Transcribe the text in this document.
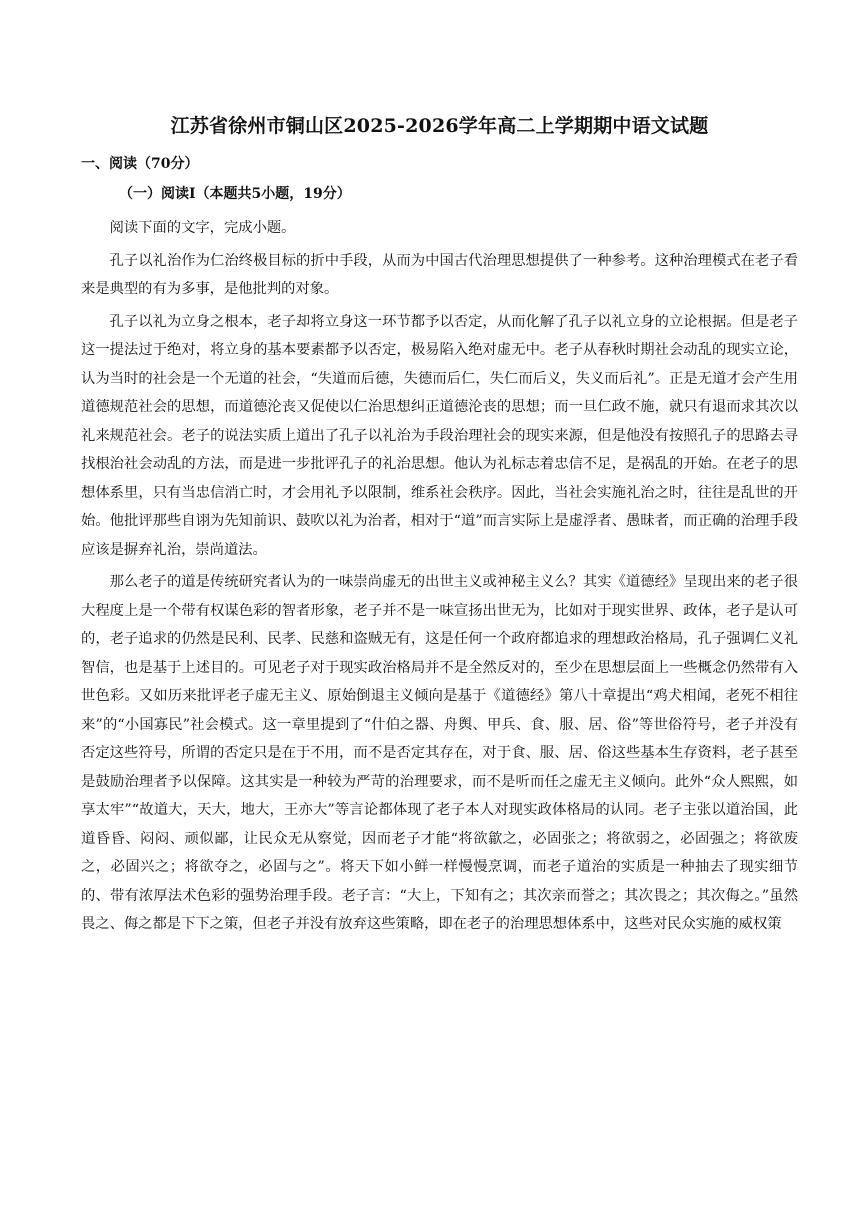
江苏省徐州市铜山区2025-2026学年高二上学期期中语文试题
一、阅读（70分）
（一）阅读Ⅰ（本题共5小题，19分）

阅读下面的文字，完成小题。

孔子以礼治作为仁治终极目标的折中手段，从而为中国古代治理思想提供了一种参考。这种治理模式在老子看来是典型的有为多事，是他批判的对象。

孔子以礼为立身之根本，老子却将立身这一环节都予以否定，从而化解了孔子以礼立身的立论根据。但是老子这一提法过于绝对，将立身的基本要素都予以否定，极易陷入绝对虚无中。老子从春秋时期社会动乱的现实立论，认为当时的社会是一个无道的社会，“失道而后德，失德而后仁，失仁而后义，失义而后礼”。正是无道才会产生用道德规范社会的思想，而道德沦丧又促使以仁治思想纠正道德沦丧的思想；而一旦仁政不施，就只有退而求其次以礼来规范社会。老子的说法实质上道出了孔子以礼治为手段治理社会的现实来源，但是他没有按照孔子的思路去寻找根治社会动乱的方法，而是进一步批评孔子的礼治思想。他认为礼标志着忠信不足，是祸乱的开始。在老子的思想体系里，只有当忠信消亡时，才会用礼予以限制，维系社会秩序。因此，当社会实施礼治之时，往往是乱世的开始。他批评那些自诩为先知前识、鼓吹以礼为治者，相对于“道”而言实际上是虚浮者、愚昧者，而正确的治理手段应该是摒弃礼治，崇尚道法。

那么老子的道是传统研究者认为的一味崇尚虚无的出世主义或神秘主义么？其实《道德经》呈现出来的老子很大程度上是一个带有权谋色彩的智者形象，老子并不是一味宣扬出世无为，比如对于现实世界、政体，老子是认可的，老子追求的仍然是民利、民孝、民慈和盗贼无有，这是任何一个政府都追求的理想政治格局，孔子强调仁义礼智信，也是基于上述目的。可见老子对于现实政治格局并不是全然反对的，至少在思想层面上一些概念仍然带有入世色彩。又如历来批评老子虚无主义、原始倒退主义倾向是基于《道德经》第八十章提出“鸡犬相闻，老死不相往来”的“小国寡民”社会模式。这一章里提到了“什伯之器、舟舆、甲兵、食、服、居、俗”等世俗符号，老子并没有否定这些符号，所谓的否定只是在于不用，而不是否定其存在，对于食、服、居、俗这些基本生存资料，老子甚至是鼓励治理者予以保障。这其实是一种较为严苛的治理要求，而不是听而任之虚无主义倾向。此外“众人熙熙，如享太牢”“故道大，天大，地大，王亦大”等言论都体现了老子本人对现实政体格局的认同。老子主张以道治国，此道昏昏、闷闷、顽似鄙，让民众无从察觉，因而老子才能“将欲歙之，必固张之；将欲弱之，必固强之；将欲废之，必固兴之；将欲夺之，必固与之”。将天下如小鲜一样慢慢烹调，而老子道治的实质是一种抽去了现实细节的、带有浓厚法术色彩的强势治理手段。老子言：“大上，下知有之；其次亲而誉之；其次畏之；其次侮之。”虽然畏之、侮之都是下下之策，但老子并没有放弃这些策略，即在老子的治理思想体系中，这些对民众实施的威权策
